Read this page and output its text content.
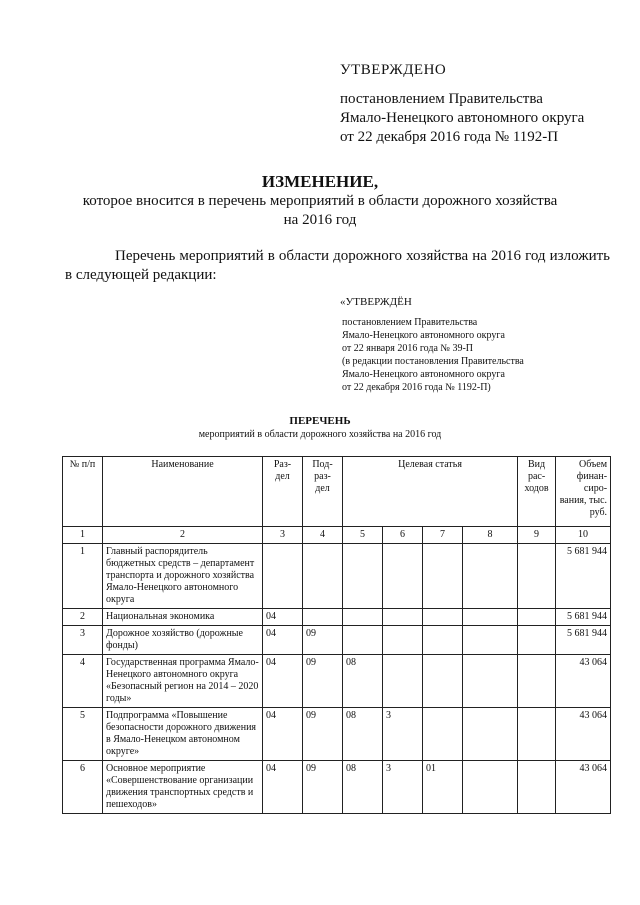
УТВЕРЖДЕНО
постановлением Правительства
Ямало-Ненецкого автономного округа
от 22 декабря 2016 года № 1192-П
ИЗМЕНЕНИЕ,
которое вносится в перечень мероприятий в области дорожного хозяйства
на 2016 год
Перечень мероприятий в области дорожного хозяйства на 2016 год изложить в следующей редакции:
«УТВЕРЖДЁН
постановлением Правительства
Ямало-Ненецкого автономного округа
от 22 января 2016 года № 39-П
(в редакции постановления Правительства
Ямало-Ненецкого автономного округа
от 22 декабря 2016 года № 1192-П)
ПЕРЕЧЕНЬ
мероприятий в области дорожного хозяйства на 2016 год
№ п/п	Наименование	Раз- дел	Под- раз- дел	Целевая статья				Вид рас- ходов	Объем финан- сиро- вания, тыс. руб.
1	2	3	4	5	6	7	8	9	10
1	Главный распорядитель бюджетных средств – департамент транспорта и дорожного хозяйства Ямало-Ненецкого автономного округа								5 681 944
2	Национальная экономика	04							5 681 944
3	Дорожное хозяйство (дорожные фонды)	04	09						5 681 944
4	Государственная программа Ямало-Ненецкого автономного округа «Безопасный регион на 2014 – 2020 годы»	04	09	08					43 064
5	Подпрограмма «Повышение безопасности дорожного движения в Ямало-Ненецком автономном округе»	04	09	08	3				43 064
6	Основное мероприятие «Совершенствование организации движения транспортных средств и пешеходов»	04	09	08	3	01			43 064
